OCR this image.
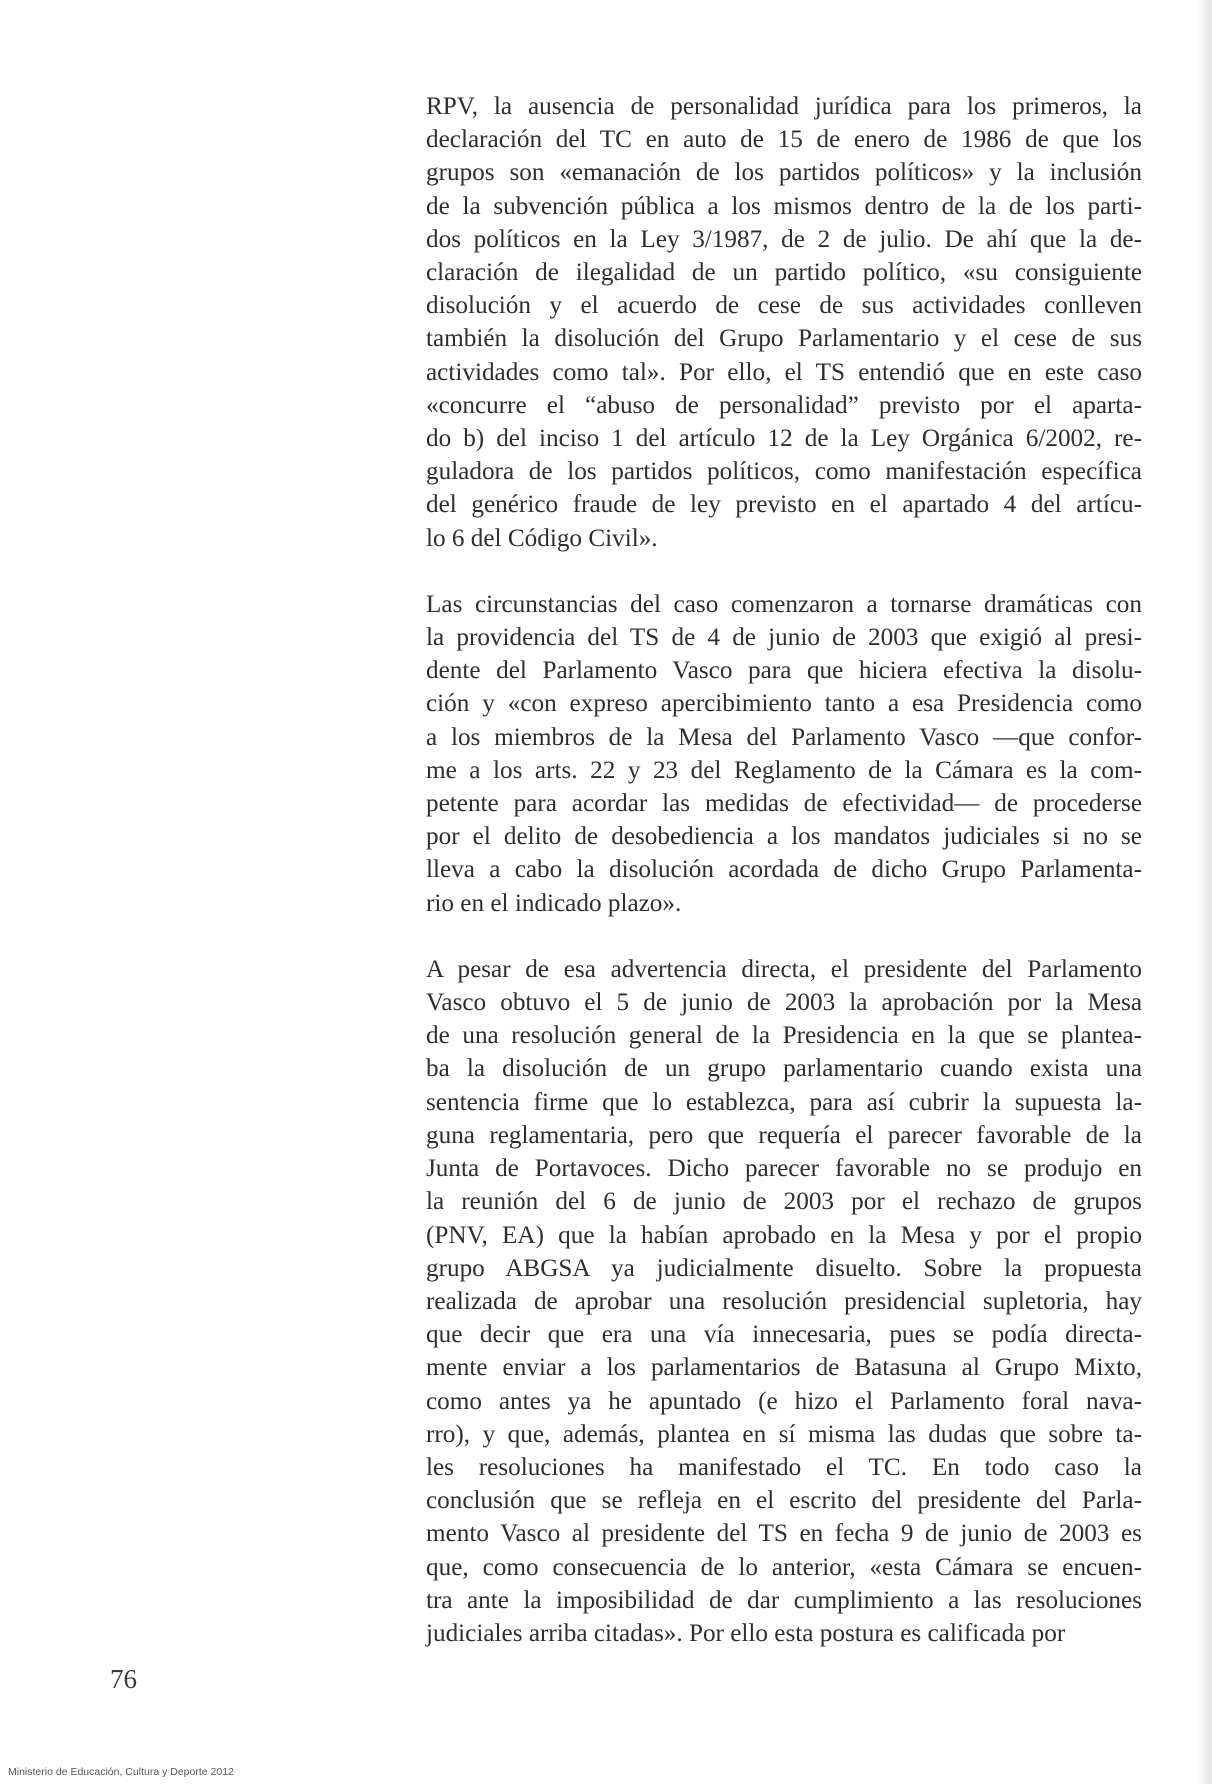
RPV, la ausencia de personalidad jurídica para los primeros, la
declaración del TC en auto de 15 de enero de 1986 de que los
grupos son «emanación de los partidos políticos» y la inclusión
de la subvención pública a los mismos dentro de la de los parti-
dos políticos en la Ley 3/1987, de 2 de julio. De ahí que la de-
claración de ilegalidad de un partido político, «su consiguiente
disolución y el acuerdo de cese de sus actividades conlleven
también la disolución del Grupo Parlamentario y el cese de sus
actividades como tal». Por ello, el TS entendió que en este caso
«concurre el “abuso de personalidad” previsto por el aparta-
do b) del inciso 1 del artículo 12 de la Ley Orgánica 6/2002, re-
guladora de los partidos políticos, como manifestación específica
del genérico fraude de ley previsto en el apartado 4 del artícu-
lo 6 del Código Civil».
Las circunstancias del caso comenzaron a tornarse dramáticas con
la providencia del TS de 4 de junio de 2003 que exigió al presi-
dente del Parlamento Vasco para que hiciera efectiva la disolu-
ción y «con expreso apercibimiento tanto a esa Presidencia como
a los miembros de la Mesa del Parlamento Vasco —que confor-
me a los arts. 22 y 23 del Reglamento de la Cámara es la com-
petente para acordar las medidas de efectividad— de procederse
por el delito de desobediencia a los mandatos judiciales si no se
lleva a cabo la disolución acordada de dicho Grupo Parlamenta-
rio en el indicado plazo».
A pesar de esa advertencia directa, el presidente del Parlamento
Vasco obtuvo el 5 de junio de 2003 la aprobación por la Mesa
de una resolución general de la Presidencia en la que se plantea-
ba la disolución de un grupo parlamentario cuando exista una
sentencia firme que lo establezca, para así cubrir la supuesta la-
guna reglamentaria, pero que requería el parecer favorable de la
Junta de Portavoces. Dicho parecer favorable no se produjo en
la reunión del 6 de junio de 2003 por el rechazo de grupos
(PNV, EA) que la habían aprobado en la Mesa y por el propio
grupo ABGSA ya judicialmente disuelto. Sobre la propuesta
realizada de aprobar una resolución presidencial supletoria, hay
que decir que era una vía innecesaria, pues se podía directa-
mente enviar a los parlamentarios de Batasuna al Grupo Mixto,
como antes ya he apuntado (e hizo el Parlamento foral nava-
rro), y que, además, plantea en sí misma las dudas que sobre ta-
les resoluciones ha manifestado el TC. En todo caso la
conclusión que se refleja en el escrito del presidente del Parla-
mento Vasco al presidente del TS en fecha 9 de junio de 2003 es
que, como consecuencia de lo anterior, «esta Cámara se encuen-
tra ante la imposibilidad de dar cumplimiento a las resoluciones
judiciales arriba citadas». Por ello esta postura es calificada por
76
Ministerio de Educación, Cultura y Deporte 2012
